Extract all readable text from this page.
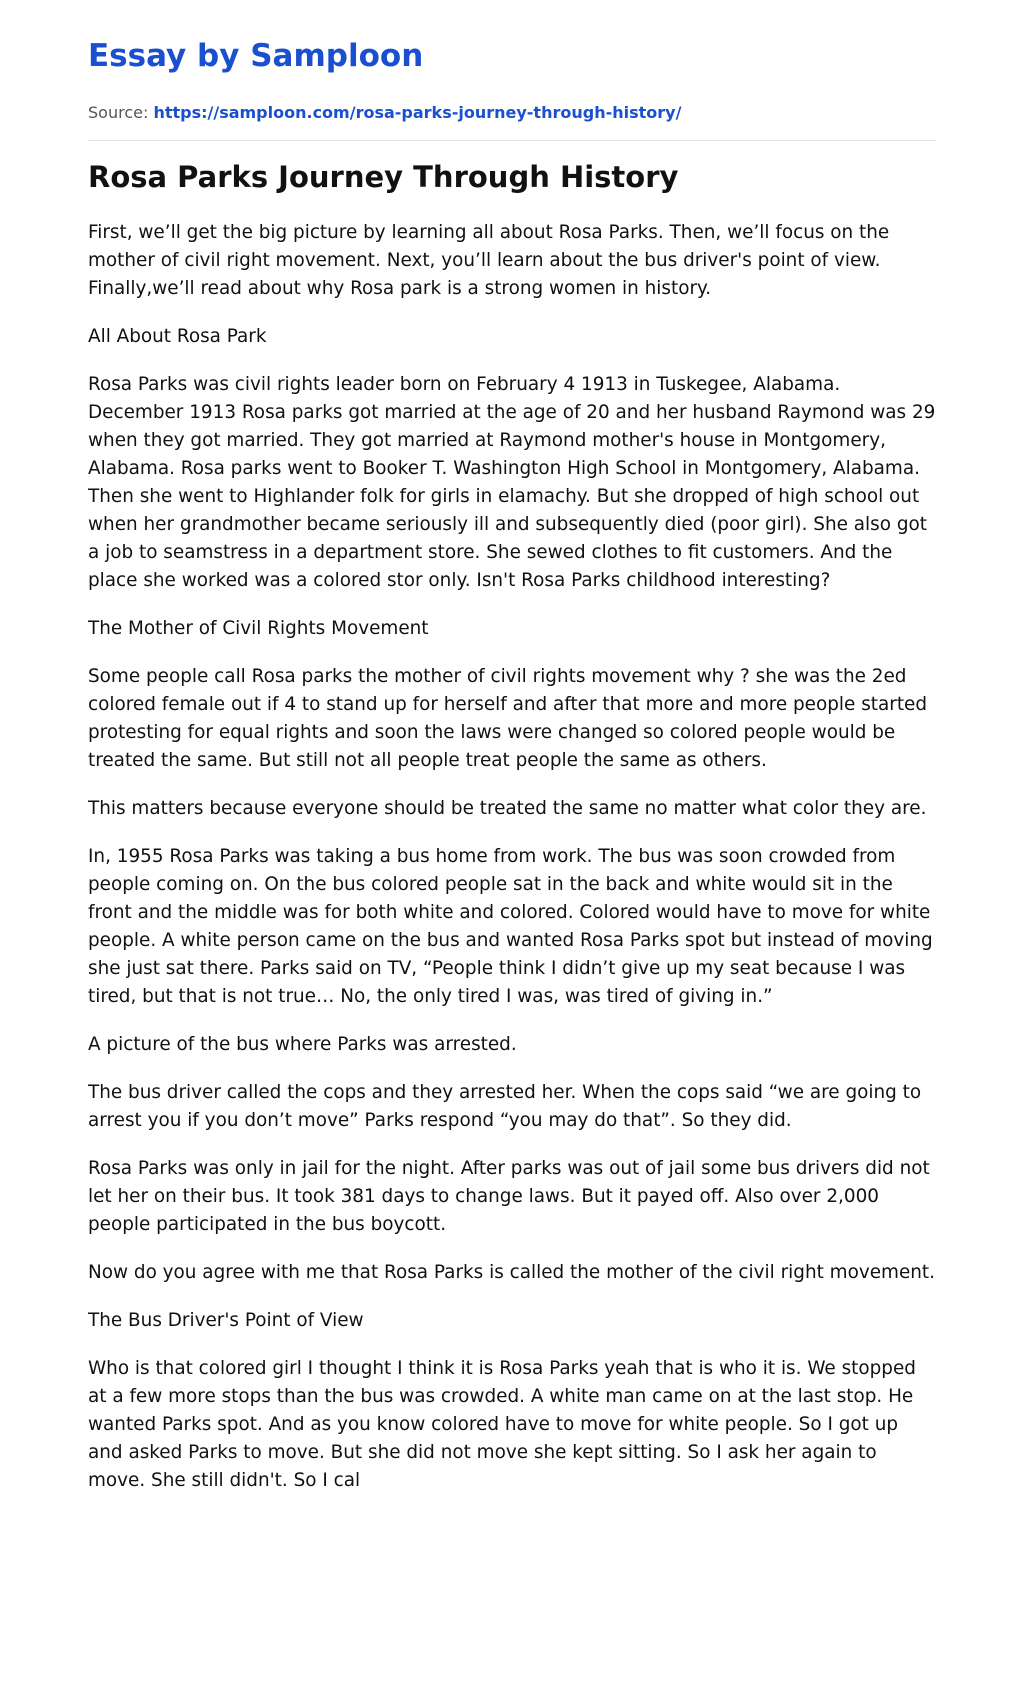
Essay by Samploon
Source: https://samploon.com/rosa-parks-journey-through-history/
Rosa Parks Journey Through History

First, we’ll get the big picture by learning all about Rosa Parks. Then, we’ll focus on the mother of civil right movement. Next, you’ll learn about the bus driver's point of view. Finally,we’ll read about why Rosa park is a strong women in history.

All About Rosa Park

Rosa Parks was civil rights leader born on February 4 1913 in Tuskegee, Alabama. December 1913 Rosa parks got married at the age of 20 and her husband Raymond was 29 when they got married. They got married at Raymond mother's house in Montgomery, Alabama. Rosa parks went to Booker T. Washington High School in Montgomery, Alabama. Then she went to Highlander folk for girls in elamachy. But she dropped of high school out when her grandmother became seriously ill and subsequently died (poor girl). She also got a job to seamstress in a department store. She sewed clothes to fit customers. And the place she worked was a colored stor only. Isn't Rosa Parks childhood interesting?

The Mother of Civil Rights Movement

Some people call Rosa parks the mother of civil rights movement why ? she was the 2ed colored female out if 4 to stand up for herself and after that more and more people started protesting for equal rights and soon the laws were changed so colored people would be treated the same. But still not all people treat people the same as others.

This matters because everyone should be treated the same no matter what color they are.

In, 1955 Rosa Parks was taking a bus home from work. The bus was soon crowded from people coming on. On the bus colored people sat in the back and white would sit in the front and the middle was for both white and colored. Colored would have to move for white people. A white person came on the bus and wanted Rosa Parks spot but instead of moving she just sat there. Parks said on TV, “People think I didn’t give up my seat because I was tired, but that is not true… No, the only tired I was, was tired of giving in.”

A picture of the bus where Parks was arrested.

The bus driver called the cops and they arrested her. When the cops said “we are going to arrest you if you don’t move” Parks respond “you may do that”. So they did.

Rosa Parks was only in jail for the night. After parks was out of jail some bus drivers did not let her on their bus. It took 381 days to change laws. But it payed off. Also over 2,000 people participated in the bus boycott.

Now do you agree with me that Rosa Parks is called the mother of the civil right movement.

The Bus Driver's Point of View

Who is that colored girl I thought I think it is Rosa Parks yeah that is who it is. We stopped at a few more stops than the bus was crowded. A white man came on at the last stop. He wanted Parks spot. And as you know colored have to move for white people. So I got up and asked Parks to move. But she did not move she kept sitting. So I ask her again to move. She still didn't. So I cal
